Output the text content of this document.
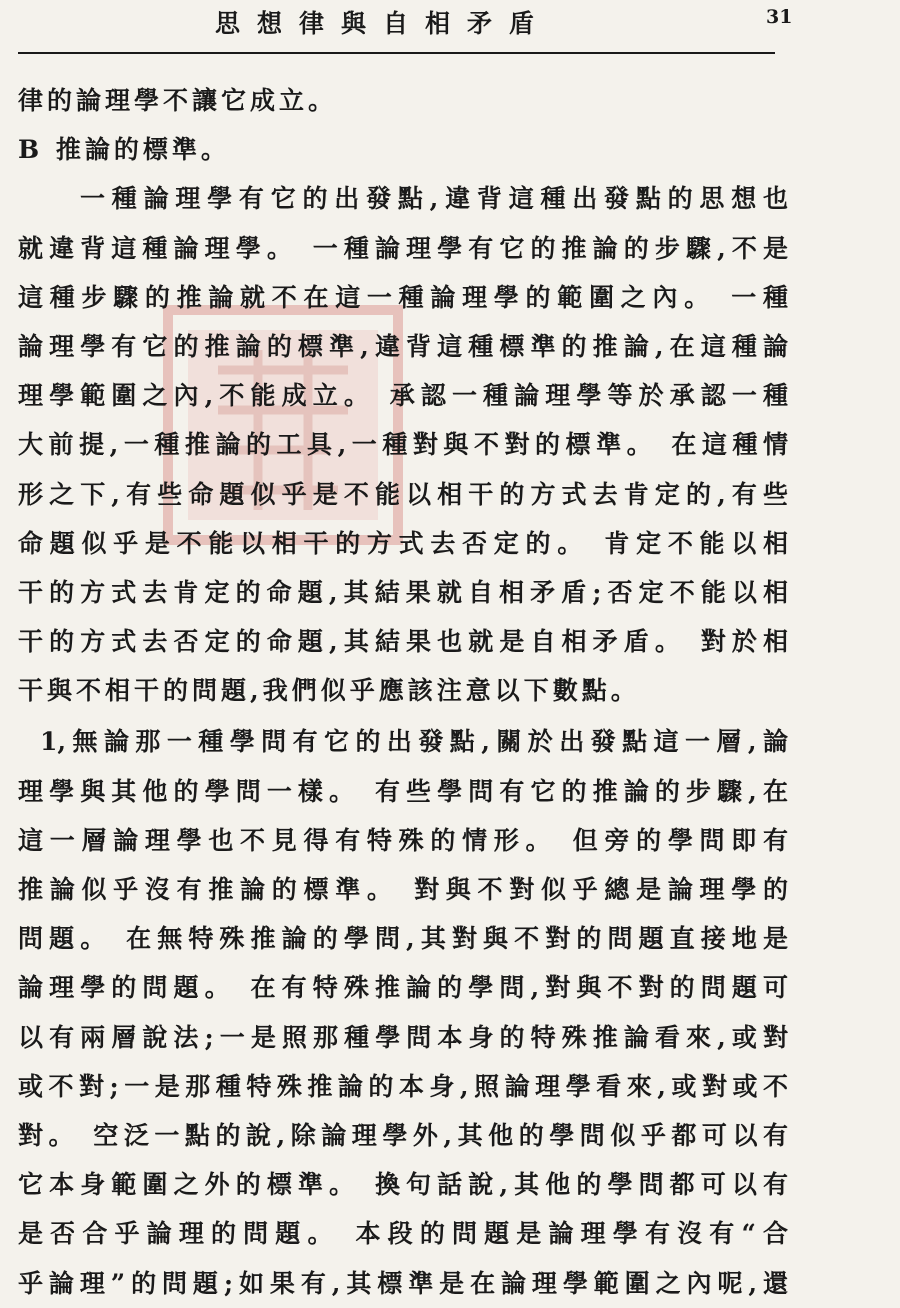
思想律與自相矛盾	31
律的論理學不讓它成立。
B 推論的標準。
一種論理學有它的出發點,違背這種出發點的思想也
就違背這種論理學。 一種論理學有它的推論的步驟,不是
這種步驟的推論就不在這一種論理學的範圍之內。 一種
論理學有它的推論的標準,違背這種標準的推論,在這種論
理學範圍之內,不能成立。 承認一種論理學等於承認一種
大前提,一種推論的工具,一種對與不對的標準。 在這種情
形之下,有些命題似乎是不能以相干的方式去肯定的,有些
命題似乎是不能以相干的方式去否定的。 肯定不能以相
干的方式去肯定的命題,其結果就自相矛盾;否定不能以相
干的方式去否定的命題,其結果也就是自相矛盾。 對於相
干與不相干的問題,我們似乎應該注意以下數點。
1,無論那一種學問有它的出發點,關於出發點這一層,論
理學與其他的學問一樣。 有些學問有它的推論的步驟,在
這一層論理學也不見得有特殊的情形。 但旁的學問即有
推論似乎沒有推論的標準。 對與不對似乎總是論理學的
問題。 在無特殊推論的學問,其對與不對的問題直接地是
論理學的問題。 在有特殊推論的學問,對與不對的問題可
以有兩層說法;一是照那種學問本身的特殊推論看來,或對
或不對;一是那種特殊推論的本身,照論理學看來,或對或不
對。 空泛一點的說,除論理學外,其他的學問似乎都可以有
它本身範圍之外的標準。 換句話說,其他的學問都可以有
是否合乎論理的問題。 本段的問題是論理學有沒有“合
乎論理”的問題;如果有,其標準是在論理學範圍之內呢,還
